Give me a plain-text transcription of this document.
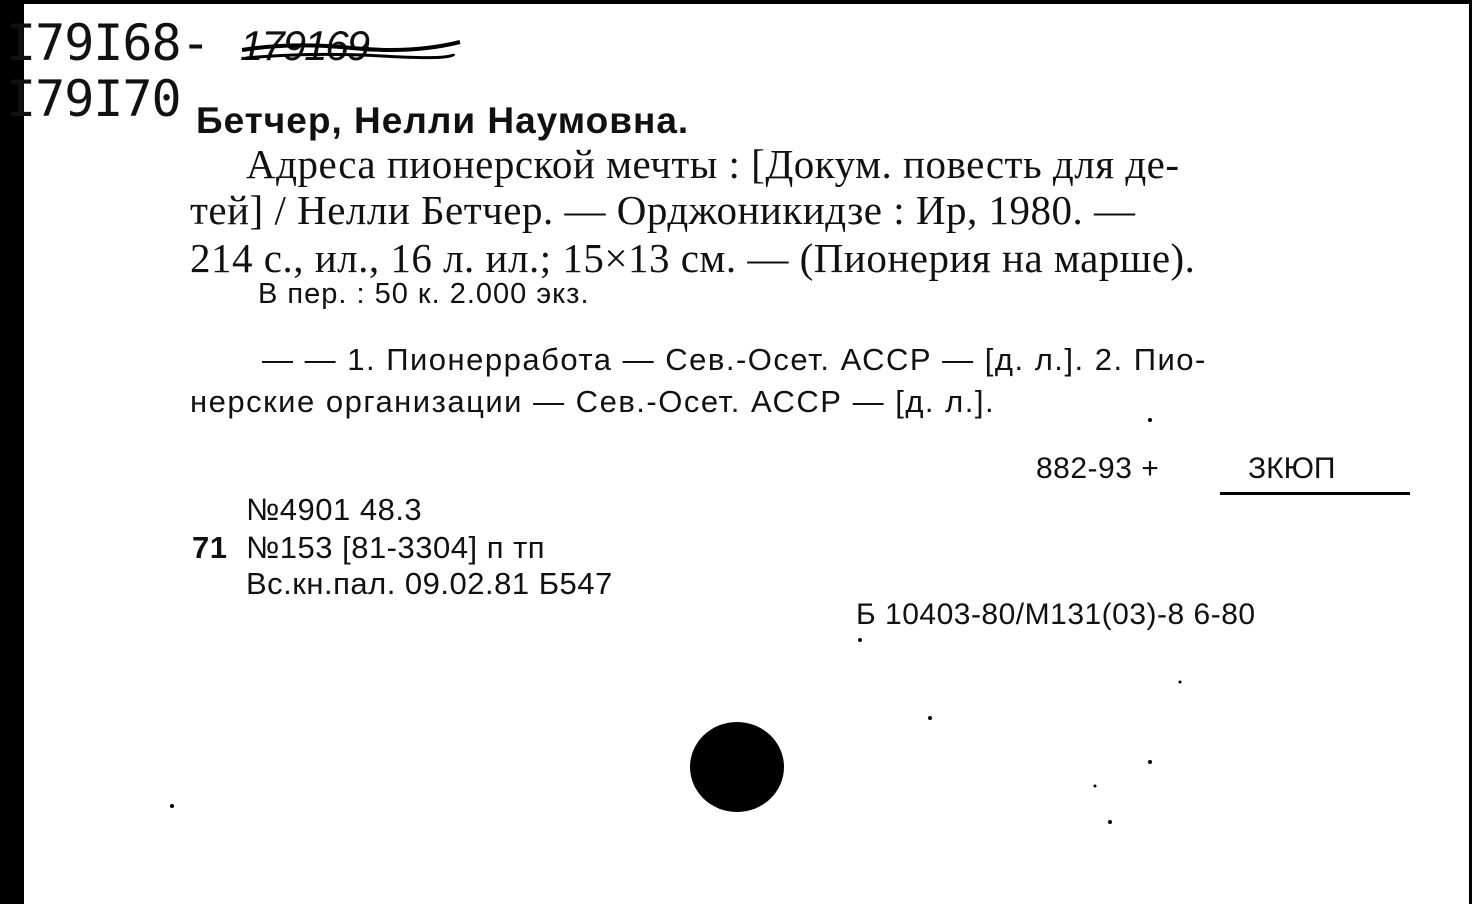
I79I68- 179169
I79I70 Бетчер, Нелли Наумовна.
Адреса пионерской мечты : [Докум. повесть для де-
тей] / Нелли Бетчер. — Орджоникидзе : Ир, 1980. —
214 с., ил., 16 л. ил.; 15×13 см. — (Пионерия на марше).
В пер. : 50 к. 2.000 экз.
— — 1. Пионерработа — Сев.-Осет. АССР — [д. л.]. 2. Пио-
нерские организации — Сев.-Осет. АССР — [д. л.].
882-93 +	ЗКЮП
№4901 48.3
71 №153 [81-3304] п тп
Вс.кн.пал. 09.02.81 Б547
Б 10403-80/М131(03)-8 6-80
